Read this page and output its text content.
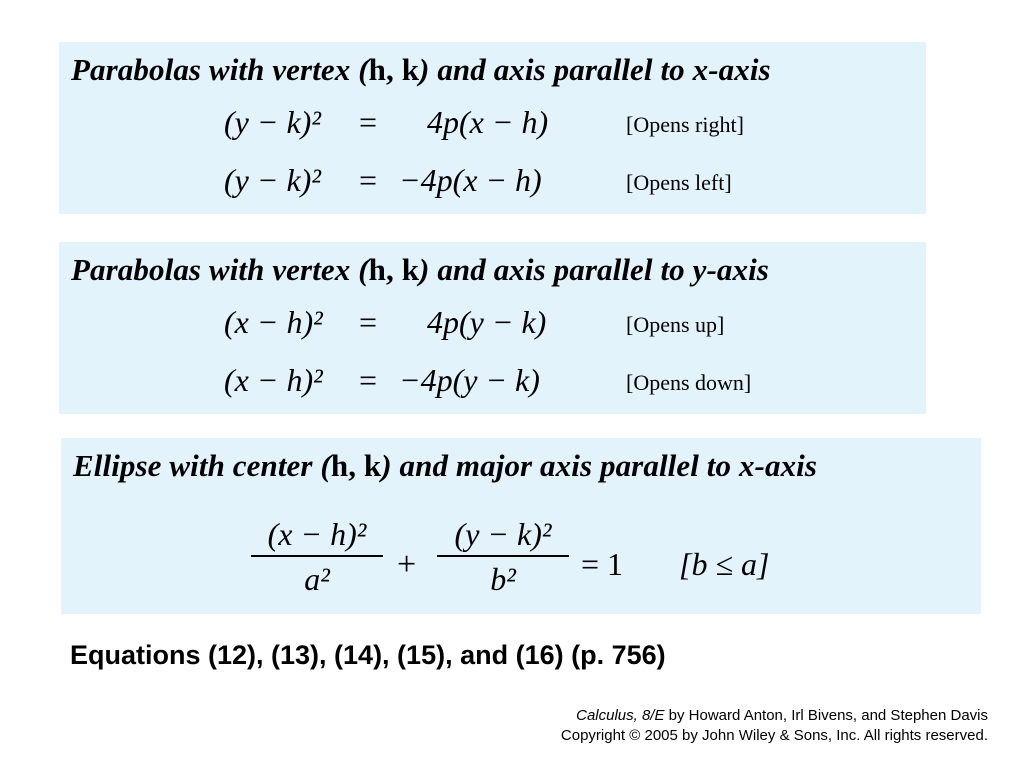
Parabolas with vertex (h, k) and axis parallel to x-axis
(y − k)² = 4p(x − h)	[Opens right]
(y − k)² = −4p(x − h)	[Opens left]
Parabolas with vertex (h, k) and axis parallel to y-axis
(x − h)² = 4p(y − k)	[Opens up]
(x − h)² = −4p(y − k)	[Opens down]
Ellipse with center (h, k) and major axis parallel to x-axis
(x − h)²
a²	+
(y − k)²
b²	= 1 [b ≤ a]
Equations (12), (13), (14), (15), and (16) (p. 756)
Calculus, 8/E by Howard Anton, Irl Bivens, and Stephen Davis
Copyright © 2005 by John Wiley & Sons, Inc. All rights reserved.
